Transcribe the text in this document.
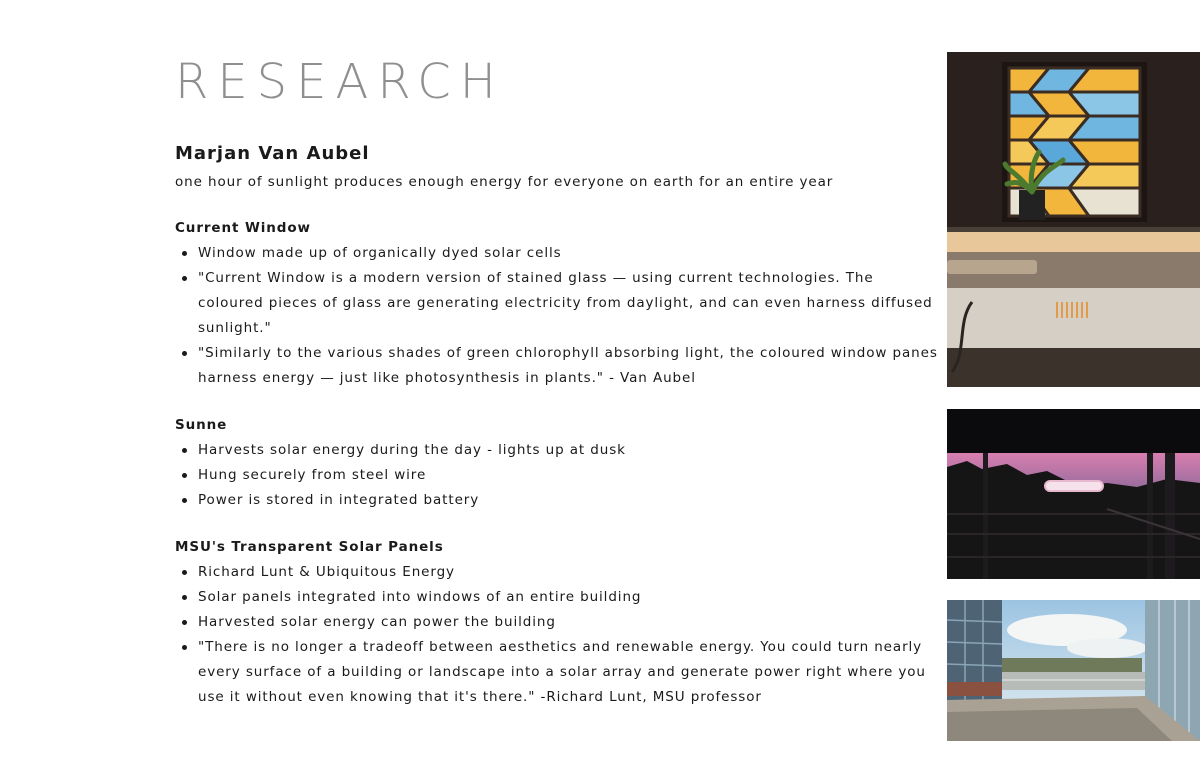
RESEARCH
Marjan Van Aubel

one hour of sunlight produces enough energy for everyone on earth for an entire year

Current Window
Window made up of organically dyed solar cells
"Current Window is a modern version of stained glass — using current technologies. The coloured pieces of glass are generating electricity from daylight, and can even harness diffused sunlight."
"Similarly to the various shades of green chlorophyll absorbing light, the coloured window panes harness energy — just like photosynthesis in plants." - Van Aubel
Sunne
Harvests solar energy during the day - lights up at dusk
Hung securely from steel wire
Power is stored in integrated battery
MSU's Transparent Solar Panels
Richard Lunt & Ubiquitous Energy
Solar panels integrated into windows of an entire building
Harvested solar energy can power the building
"There is no longer a tradeoff between aesthetics and renewable energy. You could turn nearly every surface of a building or landscape into a solar array and generate power right where you use it without even knowing that it's there." -Richard Lunt, MSU professor
